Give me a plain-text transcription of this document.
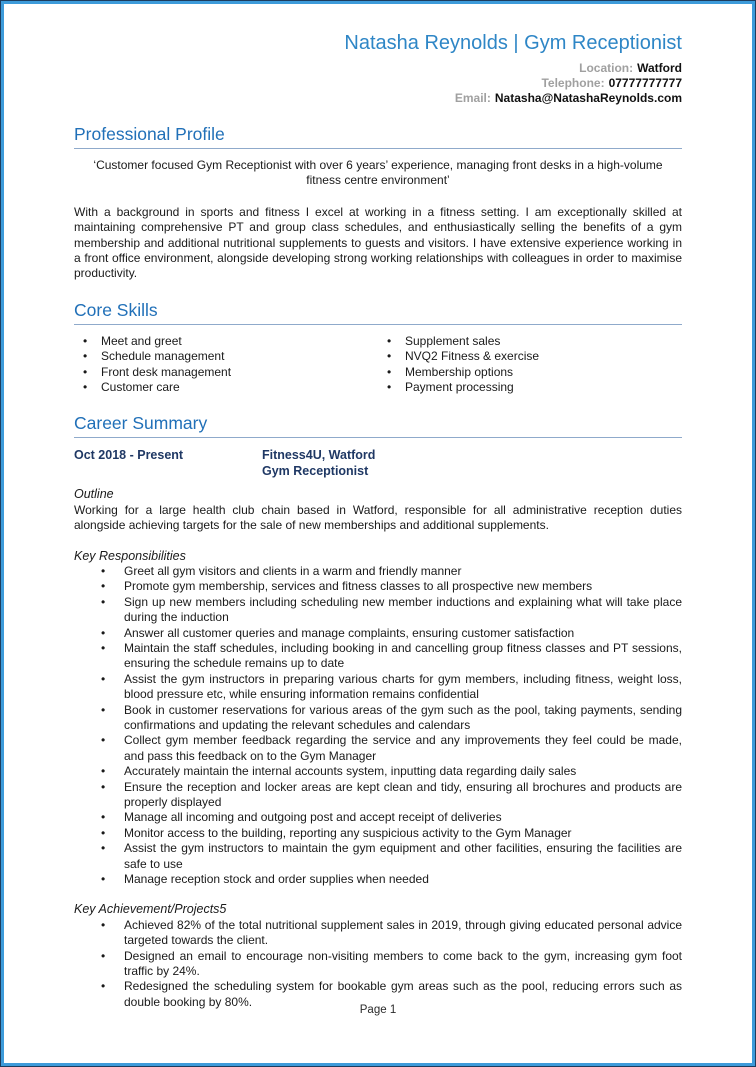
Natasha Reynolds | Gym Receptionist
Location: Watford
Telephone: 07777777777
Email: Natasha@NatashaReynolds.com
Professional Profile

‘Customer focused Gym Receptionist with over 6 years’ experience, managing front desks in a high-volume fitness centre environment’

With a background in sports and fitness I excel at working in a fitness setting. I am exceptionally skilled at maintaining comprehensive PT and group class schedules, and enthusiastically selling the benefits of a gym membership and additional nutritional supplements to guests and visitors. I have extensive experience working in a front office environment, alongside developing strong working relationships with colleagues in order to maximise productivity.

Core Skills
• Meet and greet
• Schedule management
• Front desk management
• Customer care
• Supplement sales
• NVQ2 Fitness & exercise
• Membership options
• Payment processing
Career Summary
Oct 2018 - Present	Fitness4U, Watford
Gym Receptionist
Outline

Working for a large health club chain based in Watford, responsible for all administrative reception duties alongside achieving targets for the sale of new memberships and additional supplements.

Key Responsibilities
• Greet all gym visitors and clients in a warm and friendly manner
• Promote gym membership, services and fitness classes to all prospective new members
• Sign up new members including scheduling new member inductions and explaining what will take place during the induction
• Answer all customer queries and manage complaints, ensuring customer satisfaction
• Maintain the staff schedules, including booking in and cancelling group fitness classes and PT sessions, ensuring the schedule remains up to date
• Assist the gym instructors in preparing various charts for gym members, including fitness, weight loss, blood pressure etc, while ensuring information remains confidential
• Book in customer reservations for various areas of the gym such as the pool, taking payments, sending confirmations and updating the relevant schedules and calendars
• Collect gym member feedback regarding the service and any improvements they feel could be made, and pass this feedback on to the Gym Manager
• Accurately maintain the internal accounts system, inputting data regarding daily sales
• Ensure the reception and locker areas are kept clean and tidy, ensuring all brochures and products are properly displayed
• Manage all incoming and outgoing post and accept receipt of deliveries
• Monitor access to the building, reporting any suspicious activity to the Gym Manager
• Assist the gym instructors to maintain the gym equipment and other facilities, ensuring the facilities are safe to use
• Manage reception stock and order supplies when needed
Key Achievement/Projects5
• Achieved 82% of the total nutritional supplement sales in 2019, through giving educated personal advice targeted towards the client.
• Designed an email to encourage non-visiting members to come back to the gym, increasing gym foot traffic by 24%.
• Redesigned the scheduling system for bookable gym areas such as the pool, reducing errors such as double booking by 80%.
Page 1
